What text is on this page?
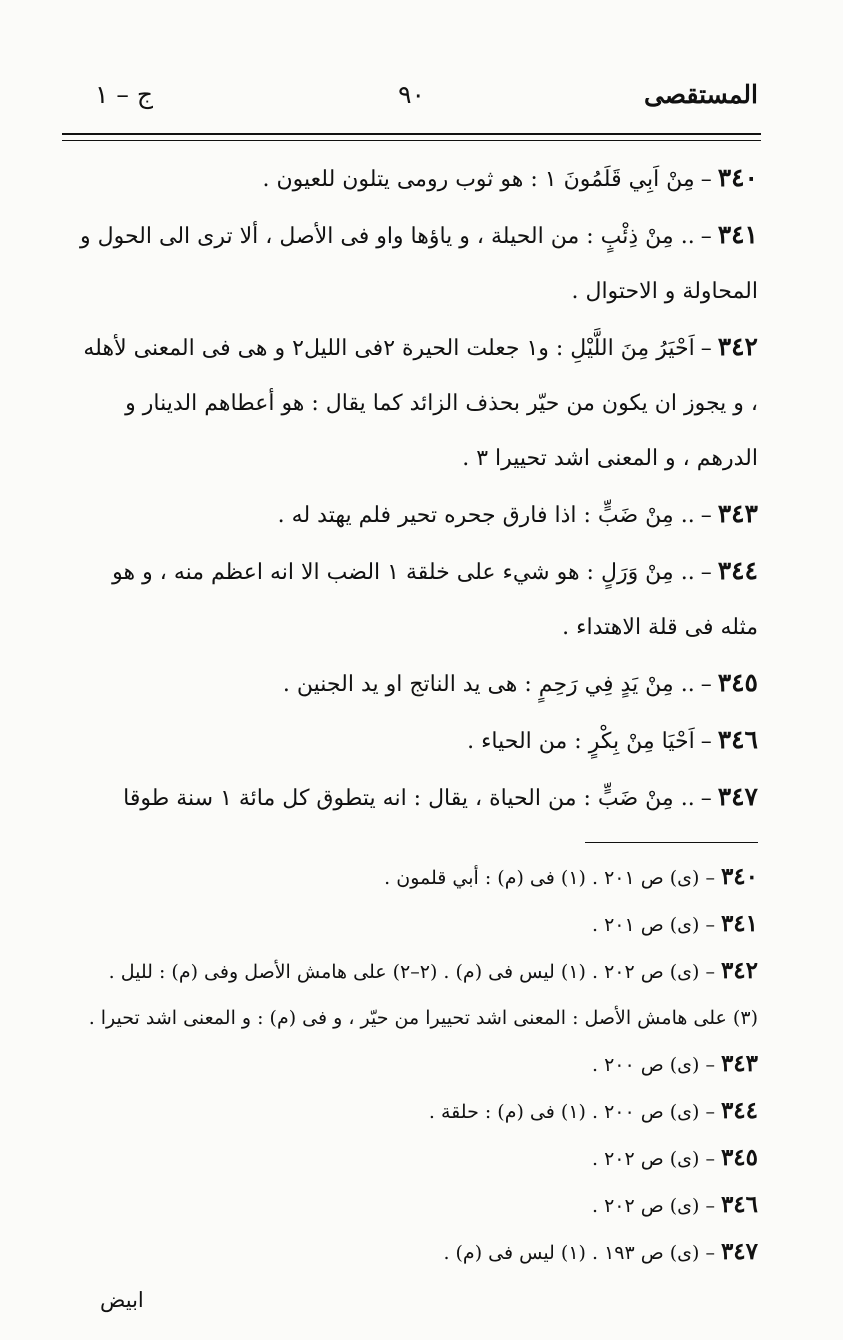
المستقصى
٩٠
ج – ١

٣٤٠–مِنْ اَبِي قَلَمُونَ ١ : هو ثوب رومى يتلون للعيون .

٣٤١–.. مِنْ ذِئْبٍ : من الحيلة ، و ياؤها واو فى الأصل ، ألا ترى الى الحول و المحاولة و الاحتوال .

٣٤٢–اَحْيَرُ مِنَ اللَّيْلِ : و١ جعلت الحيرة ٢فى الليل٢ و هى فى المعنى لأهله ، و يجوز ان يكون من حيّر بحذف الزائد كما يقال : هو أعطاهم الدينار و الدرهم ، و المعنى اشد تحييرا ٣ .

٣٤٣–.. مِنْ ضَبٍّ : اذا فارق جحره تحير فلم يهتد له .

٣٤٤–.. مِنْ وَرَلٍ : هو شيء على خلقة ١ الضب الا انه اعظم منه ، و هو مثله فى قلة الاهتداء .

٣٤٥–.. مِنْ يَدٍ فِي رَحِمٍ : هى يد الناتج او يد الجنين .

٣٤٦–اَحْيَا مِنْ بِكْرٍ : من الحياء .

٣٤٧–.. مِنْ ضَبٍّ : من الحياة ، يقال : انه يتطوق كل مائة ١ سنة طوقا

٣٤٠–(ى) ص ٢٠١ . (١) فى (م) : أبي قلمون .

٣٤١–(ى) ص ٢٠١ .

٣٤٢–(ى) ص ٢٠٢ . (١) ليس فى (م) . (٢–٢) على هامش الأصل وفى (م) : لليل .

(٣) على هامش الأصل : المعنى اشد تحييرا من حيّر ، و فى (م) : و المعنى اشد تحيرا .

٣٤٣–(ى) ص ٢٠٠ .

٣٤٤–(ى) ص ٢٠٠ . (١) فى (م) : حلقة .

٣٤٥–(ى) ص ٢٠٢ .

٣٤٦–(ى) ص ٢٠٢ .

٣٤٧–(ى) ص ١٩٣ . (١) ليس فى (م) .

ابيض
